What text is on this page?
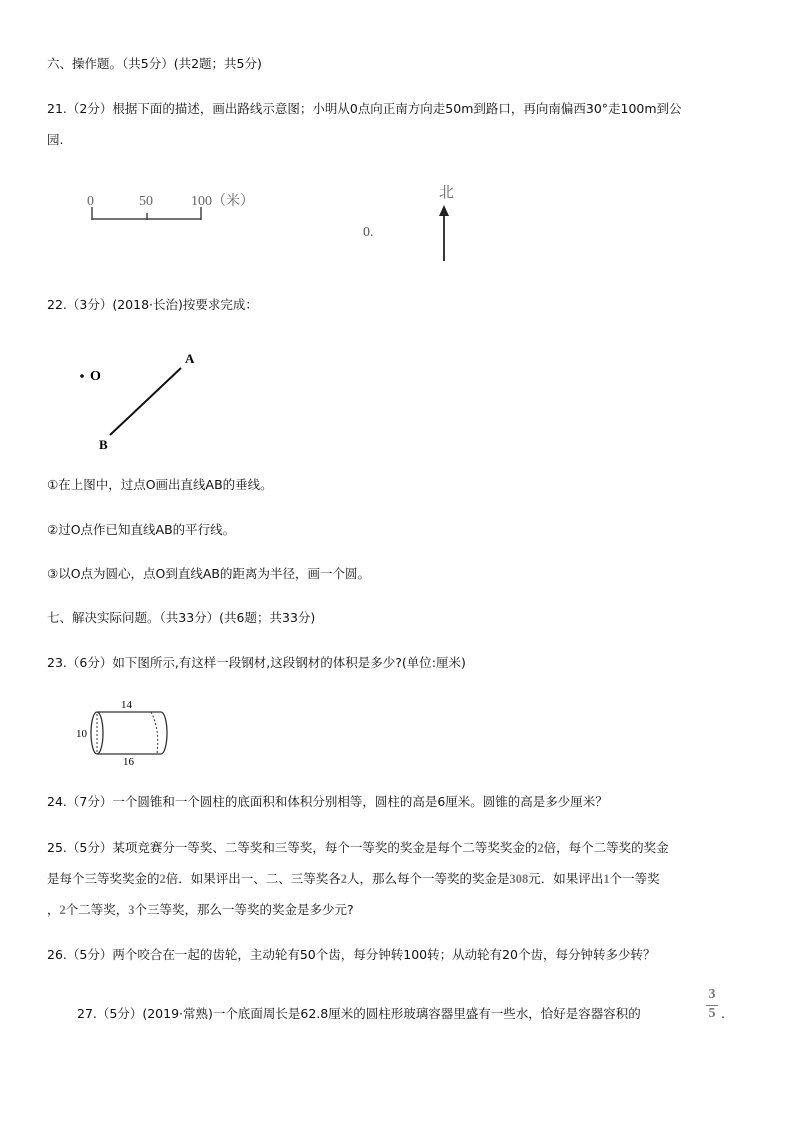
六、操作题。（共5分）(共2题；共5分)
21.（2分）根据下面的描述，画出路线示意图；小明从0点向正南方向走50m到路口，再向南偏西30°走100m到公
园.
0	50	100（米）
0.
北
22.（3分）(2018·长治)按要求完成：
O
A
B
①在上图中，过点O画出直线AB的垂线。
②过O点作已知直线AB的平行线。
③以O点为圆心，点O到直线AB的距离为半径，画一个圆。
七、解决实际问题。（共33分）(共6题；共33分)
23.（6分）如下图所示,有这样一段钢材,这段钢材的体积是多少?(单位:厘米)
14
16
10
24.（7分）一个圆锥和一个圆柱的底面积和体积分别相等，圆柱的高是6厘米。圆锥的高是多少厘米？
25.（5分）某项竞赛分一等奖、二等奖和三等奖，每个一等奖的奖金是每个二等奖奖金的2倍，每个二等奖的奖金
是每个三等奖奖金的2倍．如果评出一、二、三等奖各2人，那么每个一等奖的奖金是308元．如果评出1个一等奖
，2个二等奖，3个三等奖，那么一等奖的奖金是多少元?
26.（5分）两个咬合在一起的齿轮，主动轮有50个齿，每分钟转100转；从动轮有20个齿，每分钟转多少转？
27.（5分）(2019·常熟)一个底面周长是62.8厘米的圆柱形玻璃容器里盛有一些水，恰好是容器容积的
3
5 .
